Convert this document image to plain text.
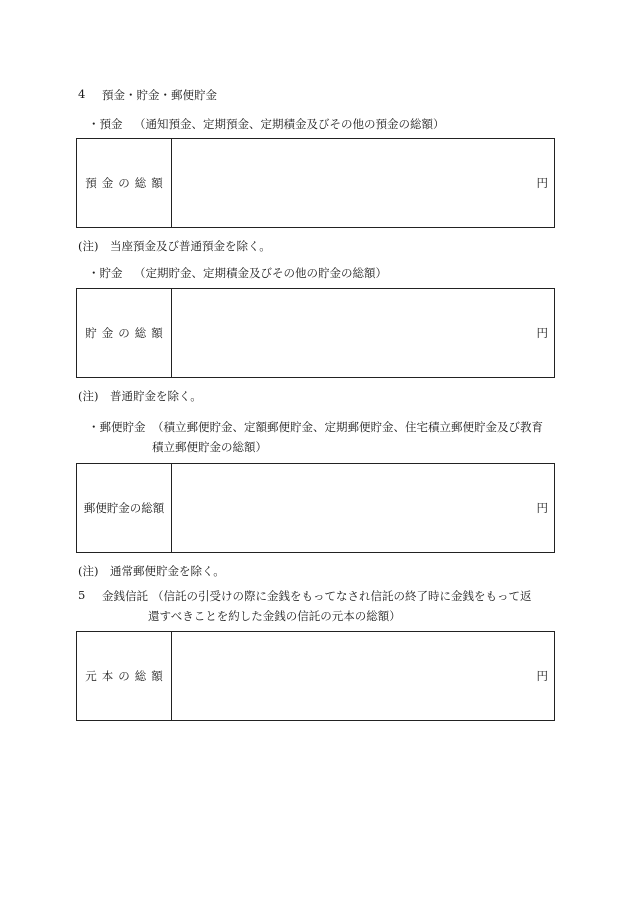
4 預金・貯金・郵便貯金
・預金 （通知預金、定期預金、定期積金及びその他の預金の総額）
預金の総額	円
(注)　当座預金及び普通預金を除く。
・貯金 （定期貯金、定期積金及びその他の貯金の総額）
貯金の総額	円
(注)　普通貯金を除く。
・郵便貯金 （積立郵便貯金、定額郵便貯金、定期郵便貯金、住宅積立郵便貯金及び教育
積立郵便貯金の総額）
郵便貯金の総額	円
(注)　通常郵便貯金を除く。
5 金銭信託 （信託の引受けの際に金銭をもってなされ信託の終了時に金銭をもって返
還すべきことを約した金銭の信託の元本の総額）
元本の総額	円
